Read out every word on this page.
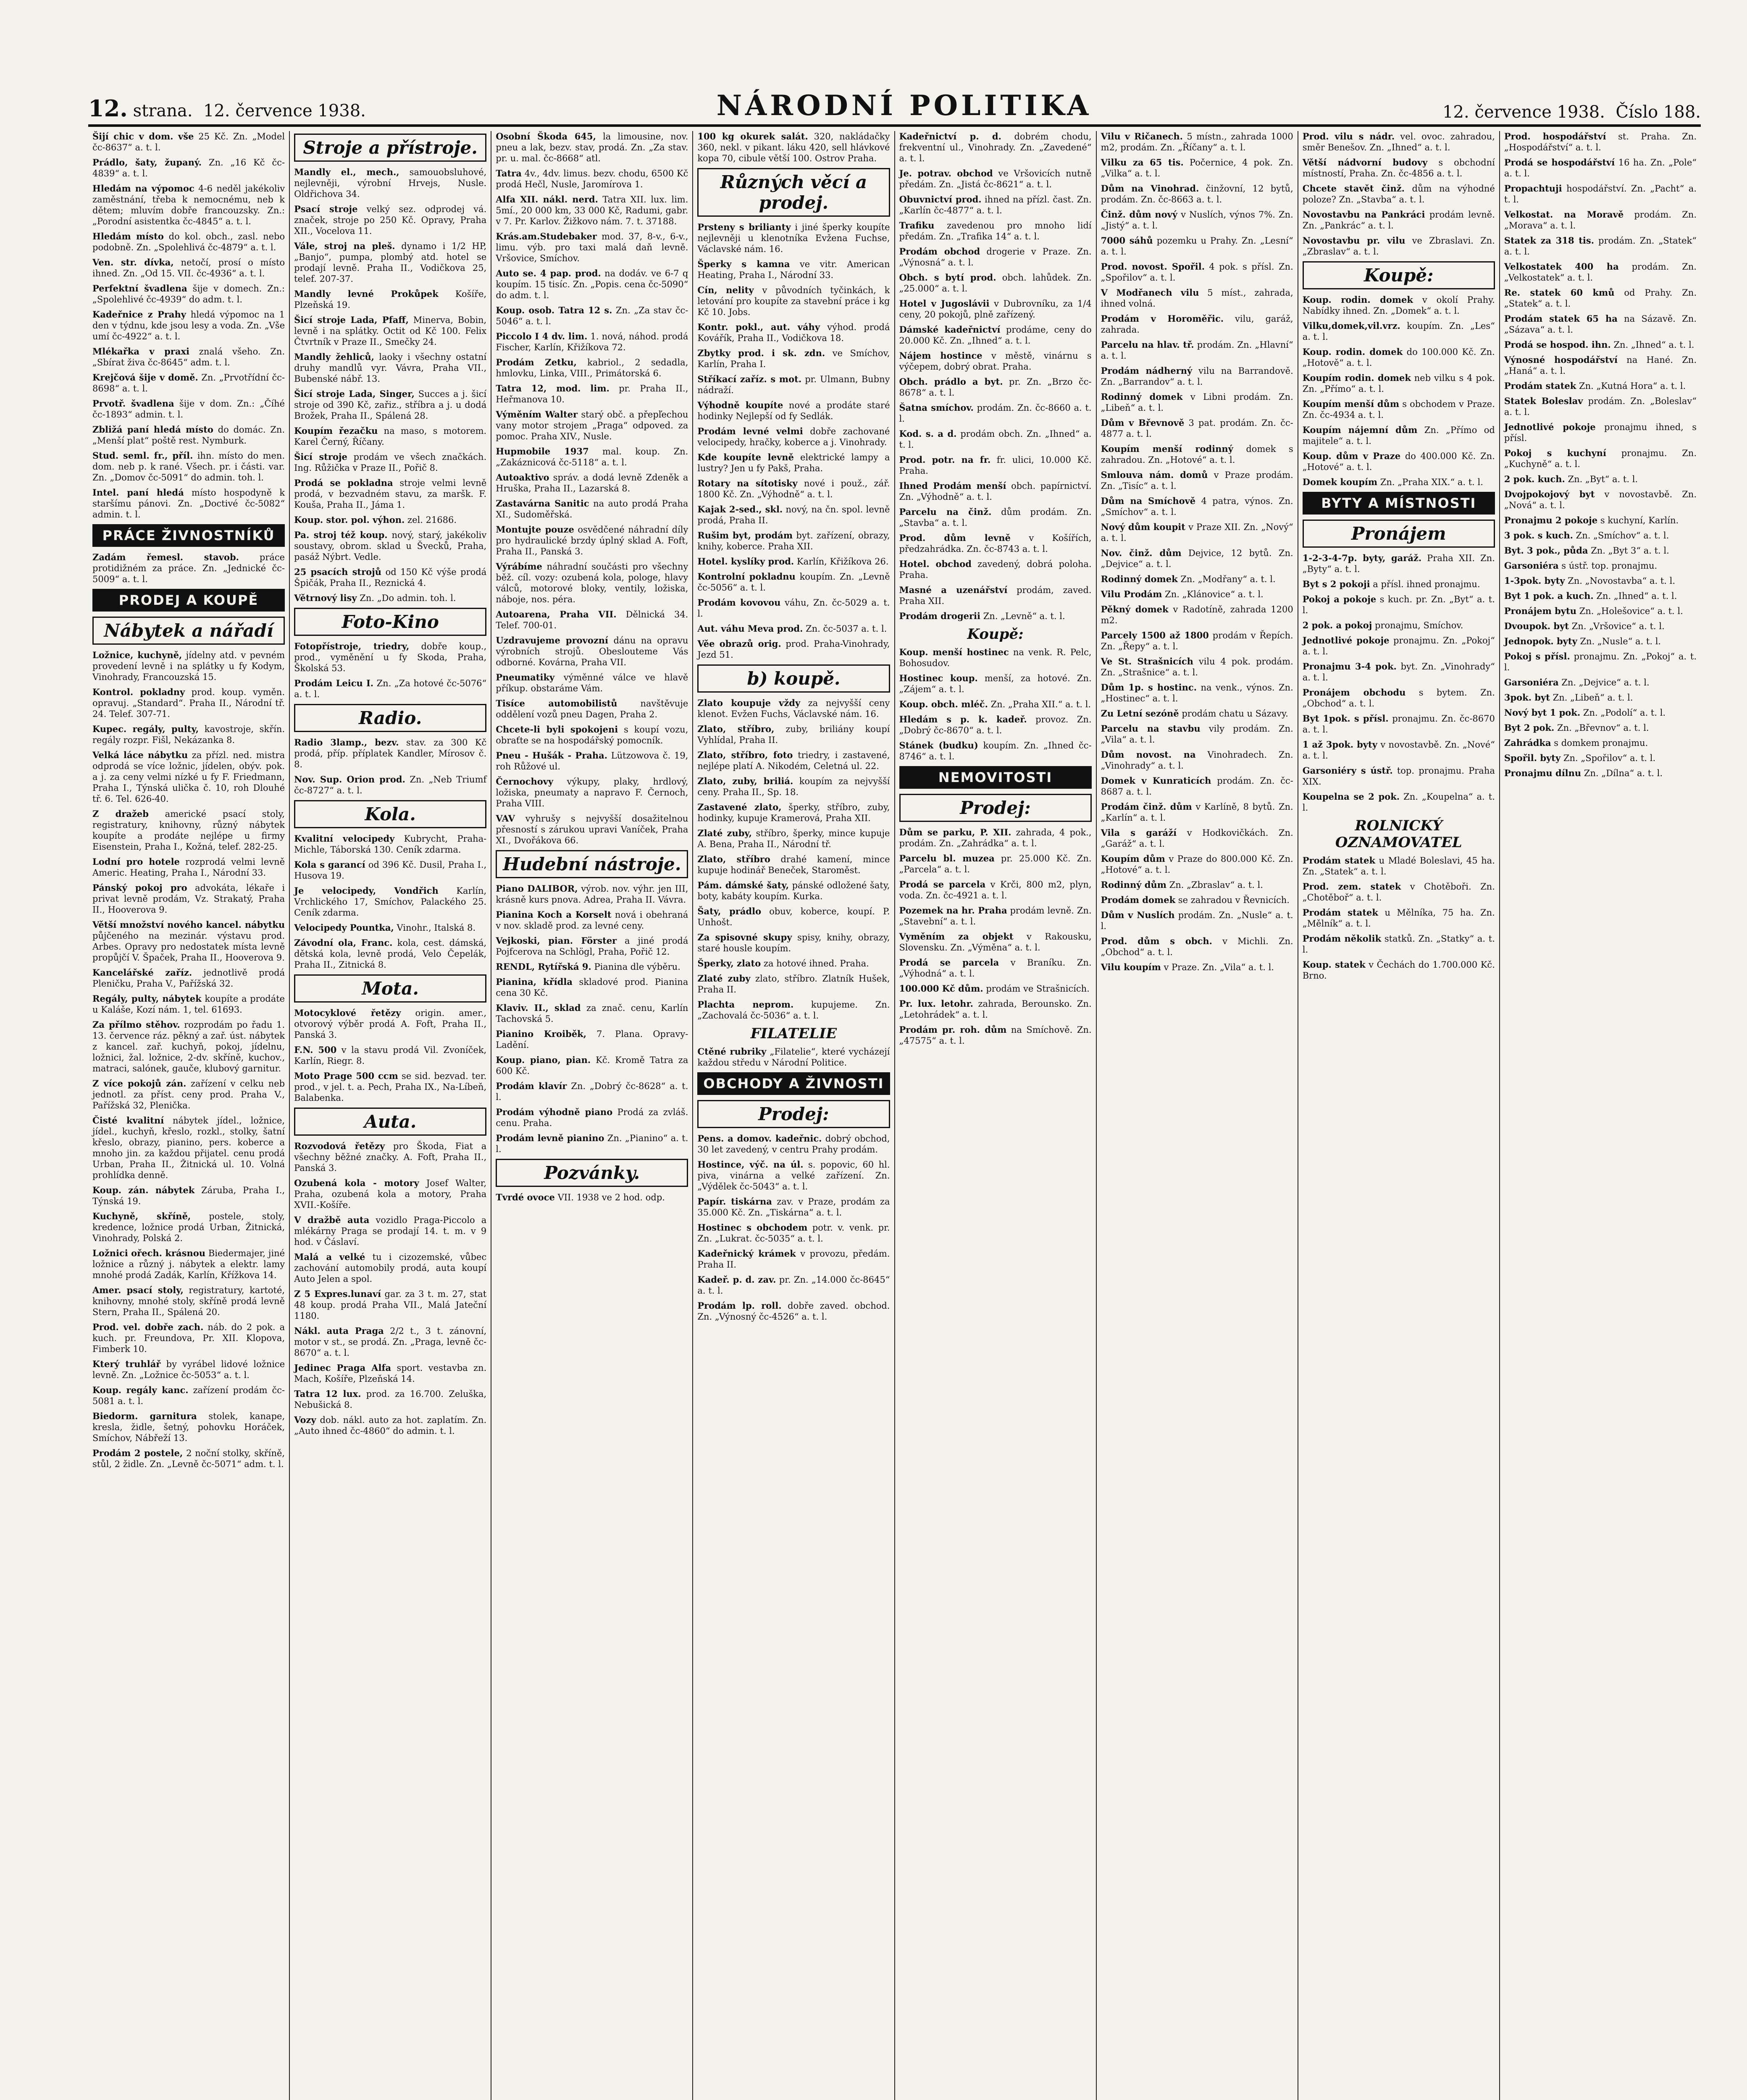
12. strana. 12. července 1938.	NÁRODNÍ POLITIKA	12. července 1938. Číslo 188.

Šijí chic v dom. vše 25 Kč. Zn. „Model čc-8637“ a. t. l.

Prádlo, šaty, županý. Zn. „16 Kč čc-4839“ a. t. l.

Hledám na výpomoc 4-6 neděl jakékoliv zaměstnání, třeba k nemocnému, neb k dětem; mluvím dobře francouzsky. Zn.: „Porodní asistentka čc-4845“ a. t. l.

Hledám místo do kol. obch., zasl. nebo podobně. Zn. „Spolehlivá čc-4879“ a. t. l.

Ven. str. dívka, netočí, prosí o místo ihned. Zn. „Od 15. VII. čc-4936“ a. t. l.

Perfektní švadlena šije v domech. Zn.: „Spolehlivé čc-4939“ do adm. t. l.

Kadeřnice z Prahy hledá výpomoc na 1 den v týdnu, kde jsou lesy a voda. Zn. „Vše umí čc-4922“ a. t. l.

Mlékařka v praxi znalá všeho. Zn. „Sbírat živa čc-8645“ adm. t. l.

Krejčová šije v domě. Zn. „Prvotřídní čc-8698“ a. t. l.

Prvotř. švadlena šije v dom. Zn.: „Číhé čc-1893“ admin. t. l.

Zbližá paní hledá místo do domác. Zn. „Menší plat“ poště rest. Nymburk.

Stud. seml. fr., příl. ihn. místo do men. dom. neb p. k rané. Všech. pr. i části. var. Zn. „Domov čc-5091“ do admin. toh. l.

Intel. paní hledá místo hospodyně k staršímu pánovi. Zn. „Doctivé čc-5082“ admin. t. l.

PRÁCE ŽIVNOSTNÍKŮ

Zadám řemesl. stavob. práce protidižném za práce. Zn. „Jednické čc-5009“ a. t. l.

PRODEJ A KOUPĚ
Nábytek a nářadí

Ložnice, kuchyně, jídelny atd. v pevném provedení levně i na splátky u fy Kodym, Vinohrady, Francouzská 15.

Kontrol. pokladny prod. koup. vyměn. opravuj. „Standard“. Praha II., Národní tř. 24. Telef. 307-71.

Kupec. regály, pulty, kavostroje, skřín. regály rozpr. Fišl, Nekázanka 8.

Velká láce nábytku za přízl. ned. mistra odprodá se více ložnic, jídelen, obýv. pok. a j. za ceny velmi nízké u fy F. Friedmann, Praha I., Týnská ulička č. 10, roh Dlouhé tř. 6. Tel. 626-40.

Z dražeb americké psací stoly, registratury, knihovny, různý nábytek koupíte a prodáte nejlépe u firmy Eisenstein, Praha I., Kožná, telef. 282-25.

Lodní pro hotele rozprodá velmi levně Americ. Heating, Praha I., Národní 33.

Pánský pokoj pro advokáta, lékaře i privat levně prodám, Vz. Strakatý, Praha II., Hooverova 9.

Větší množství nového kancel. nábytku půjčeného na mezinár. výstavu prod. Arbes. Opravy pro nedostatek místa levně propůjčí V. Špaček, Praha II., Hooverova 9.

Kancelářské zaříz. jednotlivě prodá Pleničku, Praha V., Pařížská 32.

Regály, pulty, nábytek koupíte a prodáte u Kaláše, Kozí nám. 1, tel. 61693.

Za přílmo stěhov. rozprodám po řadu 1. 13. července ráz. pěkný a zař. úst. nábytek z kancel. zař. kuchyň, pokoj, jídelnu, ložnici, žal. ložnice, 2-dv. skříně, kuchov., matraci, salónek, gauče, klubový garnitur.

Z více pokojů zán. zařízení v celku neb jednotl. za příst. ceny prod. Praha V., Pařížská 32, Plenička.

Čisté kvalitní nábytek jídel., ložnice, jídel., kuchyň, křeslo, rozkl., stolky, šatní křeslo, obrazy, pianino, pers. koberce a mnoho jin. za každou přijatel. cenu prodá Urban, Praha II., Žitnická ul. 10. Volná prohlídka denně.

Koup. zán. nábytek Záruba, Praha I., Týnská 19.

Kuchyně, skříně, postele, stoly, kredence, ložnice prodá Urban, Žitnická, Vinohrady, Polská 2.

Ložnici ořech. krásnou Biedermajer, jiné ložnice a různý j. nábytek a elektr. lamy mnohé prodá Zadák, Karlín, Křížkova 14.

Amer. psací stoly, registratury, kartoté, knihovny, mnohé stoly, skříně prodá levně Stern, Praha II., Spálená 20.

Prod. vel. dobře zach. náb. do 2 pok. a kuch. pr. Freundova, Pr. XII. Klopova, Fimberk 10.

Který truhlář by vyrábel lidové ložnice levně. Zn. „Ložnice čc-5053“ a. t. l.

Koup. regály kanc. zařízení prodám čc-5081 a. t. l.

Biedorm. garnitura stolek, kanape, kresla, židle, šetný, pohovku Horáček, Smíchov, Nábřeží 13.

Prodám 2 postele, 2 noční stolky, skříně, stůl, 2 židle. Zn. „Levně čc-5071“ adm. t. l.

Stroje a přístroje.

Mandly el., mech., samouobsluhové, nejlevněji, výrobní Hrvejs, Nusle. Oldřichova 34.

Psací stroje velký sez. odprodej vá. značek, stroje po 250 Kč. Opravy, Praha XII., Vocelova 11.

Vále, stroj na pleš. dynamo i 1/2 HP, „Banjo“, pumpa, plombý atd. hotel se prodají levně. Praha II., Vodičkova 25, telef. 207-37.

Mandly levné Prokůpek Košíře, Plzeňská 19.

Šicí stroje Lada, Pfaff, Minerva, Bobin, levně i na splátky. Octit od Kč 100. Felix Čtvrtník v Praze II., Smečky 24.

Mandly žehliců, laoky i všechny ostatní druhy mandlů vyr. Vávra, Praha VII., Bubenské nábř. 13.

Šicí stroje Lada, Singer, Succes a j. šicí stroje od 390 Kč, zařiz., stříbra a j. u dodá Brožek, Praha II., Spálená 28.

Koupím řezačku na maso, s motorem. Karel Černý, Říčany.

Šicí stroje prodám ve všech značkách. Ing. Růžička v Praze II., Pořič 8.

Prodá se pokladna stroje velmi levně prodá, v bezvadném stavu, za maršk. F. Kouša, Praha II., Jáma 1.

Koup. stor. pol. výhon. zel. 21686.

Pa. stroj též koup. nový, starý, jakékoliv soustavy, obrom. sklad u Švecků, Praha, pasáž Nýbrt. Vedle.

25 psacích strojů od 150 Kč výše prodá Špičák, Praha II., Reznická 4.

Větrnový lisy Zn. „Do admin. toh. l.

Foto-Kino

Fotopřístroje, triedry, dobře koup., prod., vyměnění u fy Skoda, Praha, Školská 53.

Prodám Leicu I. Zn. „Za hotové čc-5076“ a. t. l.

Radio.

Radio 3lamp., bezv. stav. za 300 Kč prodá, příp. příplatek Kandler, Mírosov č. 8.

Nov. Sup. Orion prod. Zn. „Neb Triumf čc-8727“ a. t. l.

Kola.

Kvalitní velocipedy Kubrycht, Praha-Michle, Táborská 130. Ceník zdarma.

Kola s garancí od 396 Kč. Dusil, Praha I., Husova 19.

Je velocipedy, Vondřich Karlín, Vrchlického 17, Smíchov, Palackého 25. Ceník zdarma.

Velocipedy Pountka, Vinohr., Italská 8.

Závodní ola, Franc. kola, cest. dámská, dětská kola, levně prodá, Velo Čepelák, Praha II., Zitnická 8.

Mota.

Motocyklové řetězy origin. amer., otvorový výběr prodá A. Foft, Praha II., Panská 3.

F.N. 500 v la stavu prodá Vil. Zvoníček, Karlín, Riegr. 8.

Moto Prage 500 ccm se sid. bezvad. ter. prod., v jel. t. a. Pech, Praha IX., Na-Líbeň, Balabenka.

Auta.

Rozvodová řetězy pro Škoda, Fiat a všechny běžné značky. A. Foft, Praha II., Panská 3.

Ozubená kola - motory Josef Walter, Praha, ozubená kola a motory, Praha XVII.-Košíře.

V dražbě auta vozidlo Praga-Piccolo a mlékárny Praga se prodají 14. t. m. v 9 hod. v Čáslaví.

Malá a velké tu i cizozemské, vůbec zachování automobily prodá, auta koupí Auto Jelen a spol.

Z 5 Expres.lunaví gar. za 3 t. m. 27, stat 48 koup. prodá Praha VII., Malá Jateční 1180.

Nákl. auta Praga 2/2 t., 3 t. zánovní, motor v st., se prodá. Zn. „Praga, levně čc-8670“ a. t. l.

Jedinec Praga Alfa sport. vestavba zn. Mach, Košíře, Plzeňská 14.

Tatra 12 lux. prod. za 16.700. Zeluška, Nebušická 8.

Vozy dob. nákl. auto za hot. zaplatím. Zn. „Auto ihned čc-4860“ do admin. t. l.

Osobní Škoda 645, la limousine, nov. pneu a lak, bezv. stav, prodá. Zn. „Za stav. pr. u. mal. čc-8668“ atl.

Tatra 4v., 4dv. limus. bezv. chodu, 6500 Kč prodá Hečl, Nusle, Jaromírova 1.

Alfa XII. nákl. nerd. Tatra XII. lux. lim. 5mí., 20 000 km, 33 000 Kč, Radumi, gabr. v 7. Pr. Karlov. Žižkovo nám. 7. t. 37188.

Krás.am.Studebaker mod. 37, 8-v., 6-v., limu. výb. pro taxi malá daň levně. Vršovice, Smíchov.

Auto se. 4 pap. prod. na dodáv. ve 6-7 q koupím. 15 tisíc. Zn. „Popis. cena čc-5090“ do adm. t. l.

Koup. osob. Tatra 12 s. Zn. „Za stav čc-5046“ a. t. l.

Piccolo I 4 dv. lim. 1. nová, náhod. prodá Fischer, Karlín, Křižíkova 72.

Prodám Zetku, kabriol., 2 sedadla, hmlovku, Linka, VIII., Primátorská 6.

Tatra 12, mod. lim. pr. Praha II., Heřmanova 10.

Výměním Walter starý obč. a přepľechou vany motor strojem „Praga“ odpoved. za pomoc. Praha XIV., Nusle.

Hupmobile 1937 mal. koup. Zn. „Zakáznicová čc-5118“ a. t. l.

Autoaktivo správ. a dodá levně Zdeněk a Hruška, Praha II., Lazarská 8.

Zastavárna Sanitic na auto prodá Praha XI., Sudoměřská.

Montujte pouze osvědčené náhradní díly pro hydraulické brzdy úplný sklad A. Foft, Praha II., Panská 3.

Výrábíme náhradní součásti pro všechny běž. cíl. vozy: ozubená kola, pologe, hlavy válců, motorové bloky, ventily, ložiska, náboje, nos. péra.

Autoarena, Praha VII. Dělnická 34. Telef. 700-01.

Uzdravujeme provozní dánu na opravu výrobních strojů. Obeslouteme Vás odborné. Kovárna, Praha VII.

Pneumatiky výměnné válce ve hlavě příkup. obstaráme Vám.

Tisíce automobilistů	navštěvuje oddělení vozů pneu Dagen, Praha 2.

Chcete-li byli spokojeni s koupí vozu, obraťte se na hospodářský pomocník.

Pneu - Hušák - Praha. Lützowova č. 19, roh Růžové ul.

Černochovy výkupy, plaky, hrdlový, ložiska, pneumaty a napravo F. Černoch, Praha VIII.

VAV vyhrušy s nejvyšší dosažitelnou přesností s zárukou upravi Vaníček, Praha XI., Dvořákova 66.

Hudební nástroje.

Piano DALIBOR, výrob. nov. výhr. jen III, krásně kurs pnova. Adrea, Praha II. Vávra.

Pianina Koch a Korselt nová i obehraná v nov. skladě prod. za levné ceny.

Vejkoski, pian. Förster a jiné prodá Pojfcerova na Schlögl, Praha, Pořič 12.

RENDL, Rytířská 9. Pianina dle výběru.

Pianina, křídla skladové prod. Pianina cena 30 Kč.

Klaviv. II., sklad za znač. cenu, Karlín Tachovská 5.

Pianino Kroiběk, 7. Plana. Opravy-Ladění.

Koup. piano, pian. Kč. Kromě Tatra za 600 Kč.

Prodám klavír Zn. „Dobrý čc-8628“ a. t. l.

Prodám výhodně piano Prodá za zvláš. cenu. Praha.

Prodám levně pianino Zn. „Pianino“ a. t. l.

Pozvánky.

Tvrdé ovoce VII. 1938 ve 2 hod. odp.

100 kg okurek salát. 320, nakládačky 360, nekl. v pikant. láku 420, sell hlávkové kopa 70, cibule větší 100. Ostrov Praha.

Různých věcí a prodej.

Prsteny s brilianty i jiné šperky koupíte nejlevněji u klenotníka Evžena Fuchse, Václavské nám. 16.

Šperky s kamna ve vitr. American Heating, Praha I., Národní 33.

Cín, nelity v původních tyčinkách, k letování pro koupíte za stavební práce i kg Kč 10. Jobs.

Kontr. pokl., aut. váhy výhod. prodá Kovářík, Praha II., Vodičkova 18.

Zbytky prod. i sk. zdn. ve Smíchov, Karlín, Praha I.

Stříkací zaříz. s mot. pr. Ulmann, Bubny nádraží.

Výhodně koupíte nové a prodáte staré hodinky Nejlepší od fy Sedlák.

Prodám levné velmi dobře zachované velocipedy, hračky, koberce a j. Vinohrady.

Kde koupíte levně elektrické lampy a lustry? Jen u fy Pakš, Praha.

Rotary na sítotisky nové i použ., zář. 1800 Kč. Zn. „Výhodně“ a. t. l.

Kajak 2-sed., skl. nový, na čn. spol. levně prodá, Praha II.

Rušim byt, prodám byt. zařízení, obrazy, knihy, koberce. Praha XII.

Hotel. kyslíky prod. Karlín, Křižíkova 26.

Kontrolní pokladnu koupím. Zn. „Levně čc-5056“ a. t. l.

Prodám kovovou váhu, Zn. čc-5029 a. t. l.

Aut. váhu Meva prod. Zn. čc-5037 a. t. l.

Věe obrazů orig. prod. Praha-Vinohrady, Jezd 51.

b) koupě.

Zlato koupuje vždy za nejvyšší ceny klenot. Evžen Fuchs, Václavské nám. 16.

Zlato, stříbro, zuby, briliány koupí Vyhlídal, Praha II.

Zlato, stříbro, foto triedry, i zastavené, nejlépe platí A. Nikodém, Celetná ul. 22.

Zlato, zuby, briliá. koupím za nejvyšší ceny. Praha II., Sp. 18.

Zastavené zlato, šperky, stříbro, zuby, hodinky, kupuje Kramerová, Praha XII.

Zlaté zuby, stříbro, šperky, mince kupuje A. Bena, Praha II., Národní tř.

Zlato, stříbro drahé kamení, mince kupuje hodinář Beneček, Staroměst.

Pám. dámské šaty, pánské odložené šaty, boty, kabáty koupím. Kurka.

Šaty, prádlo obuv, koberce, koupí. P. Unhošt.

Za spisovné skupy spisy, knihy, obrazy, staré housle koupím.

Šperky, zlato za hotové ihned. Praha.

Zlaté zuby zlato, stříbro. Zlatník Hušek, Praha II.

Plachta neprom. kupujeme. Zn. „Zachovalá čc-5036“ a. t. l.

FILATELIE

Ctěné rubriky „Filatelie“, které vycházejí každou středu v Národní Politice.

OBCHODY A ŽIVNOSTI
Prodej:

Pens. a domov. kadeřnic. dobrý obchod, 30 let zavedený, v centru Prahy prodám.

Hostince, výč. na úl. s. popovic, 60 hl. piva, vinárna a velké zařízení. Zn. „Výdělek čc-5043“ a. t. l.

Papír. tiskárna zav. v Praze, prodám za 35.000 Kč. Zn. „Tiskárna“ a. t. l.

Hostinec s obchodem potr. v. venk. pr. Zn. „Lukrat. čc-5035“ a. t. l.

Kadeřnický krámek v provozu, předám. Praha II.

Kadeř. p. d. zav. pr. Zn. „14.000 čc-8645“ a. t. l.

Prodám lp. roll. dobře zaved. obchod. Zn. „Výnosný čc-4526“ a. t. l.

Kadeřnictví p. d. dobrém chodu, frekventní ul., Vinohrady. Zn. „Zavedené“ a. t. l.

Je. potrav. obchod ve Vršovicích nutně předám. Zn. „Jistá čc-8621“ a. t. l.

Obuvnictví prod. ihned na přízl. čast. Zn. „Karlín čc-4877“ a. t. l.

Trafiku zavedenou pro mnoho lidí předám. Zn. „Trafika 14“ a. t. l.

Prodám obchod drogerie v Praze. Zn. „Výnosná“ a. t. l.

Obch. s bytí prod. obch. lahůdek. Zn. „25.000“ a. t. l.

Hotel v Jugoslávii v Dubrovníku, za 1/4 ceny, 20 pokojů, plně zařízený.

Dámské kadeřnictví prodáme, ceny do 20.000 Kč. Zn. „Ihned“ a. t. l.

Nájem hostince v městě, vinárnu s výčepem, dobrý obrat. Praha.

Obch. prádlo a byt. pr. Zn. „Brzo čc-8678“ a. t. l.

Šatna smíchov. prodám. Zn. čc-8660 a. t. l.

Kod. s. a d. prodám obch. Zn. „Ihned“ a. t. l.

Prod. potr. na fr. fr. ulici, 10.000 Kč. Praha.

Ihned Prodám menší obch. papírnictví. Zn. „Výhodně“ a. t. l.

Parcelu na činž. dům prodám. Zn. „Stavba“ a. t. l.

Prod. dům levně v Košířích, předzahrádka. Zn. čc-8743 a. t. l.

Hotel. obchod zavedený, dobrá poloha. Praha.

Masné a uzenářství prodám, zaved. Praha XII.

Prodám drogerii Zn. „Levně“ a. t. l.

Koupě:

Koup. menší hostinec na venk. R. Pelc, Bohosudov.

Hostinec koup. menší, za hotové. Zn. „Zájem“ a. t. l.

Koup. obch. mléč. Zn. „Praha XII.“ a. t. l.

Hledám s p. k. kadeř. provoz. Zn. „Dobrý čc-8670“ a. t. l.

Stánek (budku) koupím. Zn. „Ihned čc-8746“ a. t. l.

NEMOVITOSTI
Prodej:

Dům se parku, P. XII. zahrada, 4 pok., prodám. Zn. „Zahrádka“ a. t. l.

Parcelu bl. muzea pr. 25.000 Kč. Zn. „Parcela“ a. t. l.

Prodá se parcela v Krči, 800 m2, plyn, voda. Zn. čc-4921 a. t. l.

Pozemek na hr. Praha prodám levně. Zn. „Stavební“ a. t. l.

Vyměním za objekt v Rakousku, Slovensku. Zn. „Výměna“ a. t. l.

Prodá se parcela v Braníku. Zn. „Výhodná“ a. t. l.

100.000 Kč dům. prodám ve Strašnicích.

Pr. lux. letohr. zahrada, Berounsko. Zn. „Letohrádek“ a. t. l.

Prodám pr. roh. dům na Smíchově. Zn. „47575“ a. t. l.

Vilu v Ričanech. 5 místn., zahrada 1000 m2, prodám. Zn. „Říčany“ a. t. l.

Vilku za 65 tis. Počernice, 4 pok. Zn. „Vilka“ a. t. l.

Dům na Vinohrad. činžovní, 12 bytů, prodám. Zn. čc-8663 a. t. l.

Činž. dům nový v Nuslích, výnos 7%. Zn. „Jistý“ a. t. l.

7000 sáhů pozemku u Prahy. Zn. „Lesní“ a. t. l.

Prod. novost. Spořil. 4 pok. s přísl. Zn. „Spořilov“ a. t. l.

V Modřanech vilu 5 míst., zahrada, ihned volná.

Prodám v Horoměřic. vilu, garáž, zahrada.

Parcelu na hlav. tř. prodám. Zn. „Hlavní“ a. t. l.

Prodám nádherný vilu na Barrandově. Zn. „Barrandov“ a. t. l.

Rodinný domek v Libni prodám. Zn. „Libeň“ a. t. l.

Dům v Břevnově 3 pat. prodám. Zn. čc-4877 a. t. l.

Koupím menší rodinný domek s zahradou. Zn. „Hotové“ a. t. l.

Smlouva nám. domů v Praze prodám. Zn. „Tisíc“ a. t. l.

Dům na Smíchově 4 patra, výnos. Zn. „Smíchov“ a. t. l.

Nový dům koupit v Praze XII. Zn. „Nový“ a. t. l.

Nov. činž. dům Dejvice, 12 bytů. Zn. „Dejvice“ a. t. l.

Rodinný domek Zn. „Modřany“ a. t. l.

Vilu Prodám Zn. „Klánovice“ a. t. l.

Pěkný domek v Radotíně, zahrada 1200 m2.

Parcely 1500 až 1800 prodám v Řepích. Zn. „Řepy“ a. t. l.

Ve St. Strašnicích vilu 4 pok. prodám. Zn. „Strašnice“ a. t. l.

Dům 1p. s hostinc. na venk., výnos. Zn. „Hostinec“ a. t. l.

Zu Letní sezóně prodám chatu u Sázavy.

Parcelu na stavbu vily prodám. Zn. „Vila“ a. t. l.

Dům novost. na Vinohradech. Zn. „Vinohrady“ a. t. l.

Domek v Kunraticích prodám. Zn. čc-8687 a. t. l.

Prodám činž. dům v Karlíně, 8 bytů. Zn. „Karlín“ a. t. l.

Vila s garáží v Hodkovičkách. Zn. „Garáž“ a. t. l.

Koupím dům v Praze do 800.000 Kč. Zn. „Hotové“ a. t. l.

Rodinný dům Zn. „Zbraslav“ a. t. l.

Prodám domek se zahradou v Řevnicích.

Dům v Nuslích prodám. Zn. „Nusle“ a. t. l.

Prod. dům s obch. v Michli. Zn. „Obchod“ a. t. l.

Vilu koupím v Praze. Zn. „Vila“ a. t. l.

Prod. vilu s nádr. vel. ovoc. zahradou, směr Benešov. Zn. „Ihned“ a. t. l.

Větší nádvorní budovy s obchodní místností, Praha. Zn. čc-4856 a. t. l.

Chcete stavět činž. dům na výhodné poloze? Zn. „Stavba“ a. t. l.

Novostavbu na Pankráci prodám levně. Zn. „Pankrác“ a. t. l.

Novostavbu pr. vilu ve Zbraslavi. Zn. „Zbraslav“ a. t. l.

Koupě:

Koup. rodin. domek v okolí Prahy. Nabídky ihned. Zn. „Domek“ a. t. l.

Vilku,domek,vil.vrz. koupím. Zn. „Les“ a. t. l.

Koup. rodin. domek do 100.000 Kč. Zn. „Hotově“ a. t. l.

Koupím rodin. domek neb vilku s 4 pok. Zn. „Přímo“ a. t. l.

Koupím menší dům s obchodem v Praze. Zn. čc-4934 a. t. l.

Koupím nájemní dům Zn. „Přímo od majitele“ a. t. l.

Koup. dům v Praze do 400.000 Kč. Zn. „Hotové“ a. t. l.

Domek koupím Zn. „Praha XIX.“ a. t. l.

BYTY A MÍSTNOSTI
Pronájem

1-2-3-4-7p. byty, garáž. Praha XII. Zn. „Byty“ a. t. l.

Byt s 2 pokoji a přísl. ihned pronajmu.

Pokoj a pokoje s kuch. pr. Zn. „Byt“ a. t. l.

2 pok. a pokoj pronajmu, Smíchov.

Jednotlivé pokoje pronajmu. Zn. „Pokoj“ a. t. l.

Pronajmu 3-4 pok. byt. Zn. „Vinohrady“ a. t. l.

Pronájem obchodu s bytem. Zn. „Obchod“ a. t. l.

Byt 1pok. s přísl. pronajmu. Zn. čc-8670 a. t. l.

1 až 3pok. byty v novostavbě. Zn. „Nové“ a. t. l.

Garsoniéry s ústř. top. pronajmu. Praha XIX.

Koupelna se 2 pok. Zn. „Koupelna“ a. t. l.

ROLNICKÝ OZNAMOVATEL

Prodám statek u Mladé Boleslavi, 45 ha. Zn. „Statek“ a. t. l.

Prod. zem. statek v Chotěboři. Zn. „Chotěboř“ a. t. l.

Prodám statek u Mělníka, 75 ha. Zn. „Mělník“ a. t. l.

Prodám několik statků. Zn. „Statky“ a. t. l.

Koup. statek v Čechách do 1.700.000 Kč. Brno.

Prod. hospodářství st. Praha. Zn. „Hospodářství“ a. t. l.

Prodá se hospodářství 16 ha. Zn. „Pole“ a. t. l.

Propachtuji hospodářství. Zn. „Pacht“ a. t. l.

Velkostat. na Moravě prodám. Zn. „Morava“ a. t. l.

Statek za 318 tis. prodám. Zn. „Statek“ a. t. l.

Velkostatek 400 ha prodám. Zn. „Velkostatek“ a. t. l.

Re. statek 60 kmů od Prahy. Zn. „Statek“ a. t. l.

Prodám statek 65 ha na Sázavě. Zn. „Sázava“ a. t. l.

Prodá se hospod. ihn. Zn. „Ihned“ a. t. l.

Výnosné hospodářství na Hané. Zn. „Haná“ a. t. l.

Prodám statek Zn. „Kutná Hora“ a. t. l.

Statek Boleslav prodám. Zn. „Boleslav“ a. t. l.

Jednotlivé pokoje pronajmu ihned, s přísl.

Pokoj s kuchyní pronajmu. Zn. „Kuchyně“ a. t. l.

2 pok. kuch. Zn. „Byt“ a. t. l.

Dvojpokojový byt v novostavbě. Zn. „Nová“ a. t. l.

Pronajmu 2 pokoje s kuchyní, Karlín.

3 pok. s kuch. Zn. „Smíchov“ a. t. l.

Byt. 3 pok., půda Zn. „Byt 3“ a. t. l.

Garsoniéra s ústř. top. pronajmu.

1-3pok. byty Zn. „Novostavba“ a. t. l.

Byt 1 pok. a kuch. Zn. „Ihned“ a. t. l.

Pronájem bytu Zn. „Holešovice“ a. t. l.

Dvoupok. byt Zn. „Vršovice“ a. t. l.

Jednopok. byty Zn. „Nusle“ a. t. l.

Pokoj s přísl. pronajmu. Zn. „Pokoj“ a. t. l.

Garsoniéra Zn. „Dejvice“ a. t. l.

3pok. byt Zn. „Libeň“ a. t. l.

Nový byt 1 pok. Zn. „Podolí“ a. t. l.

Byt 2 pok. Zn. „Břevnov“ a. t. l.

Zahrádka s domkem pronajmu.

Spořil. byty Zn. „Spořilov“ a. t. l.

Pronajmu dílnu Zn. „Dílna“ a. t. l.
